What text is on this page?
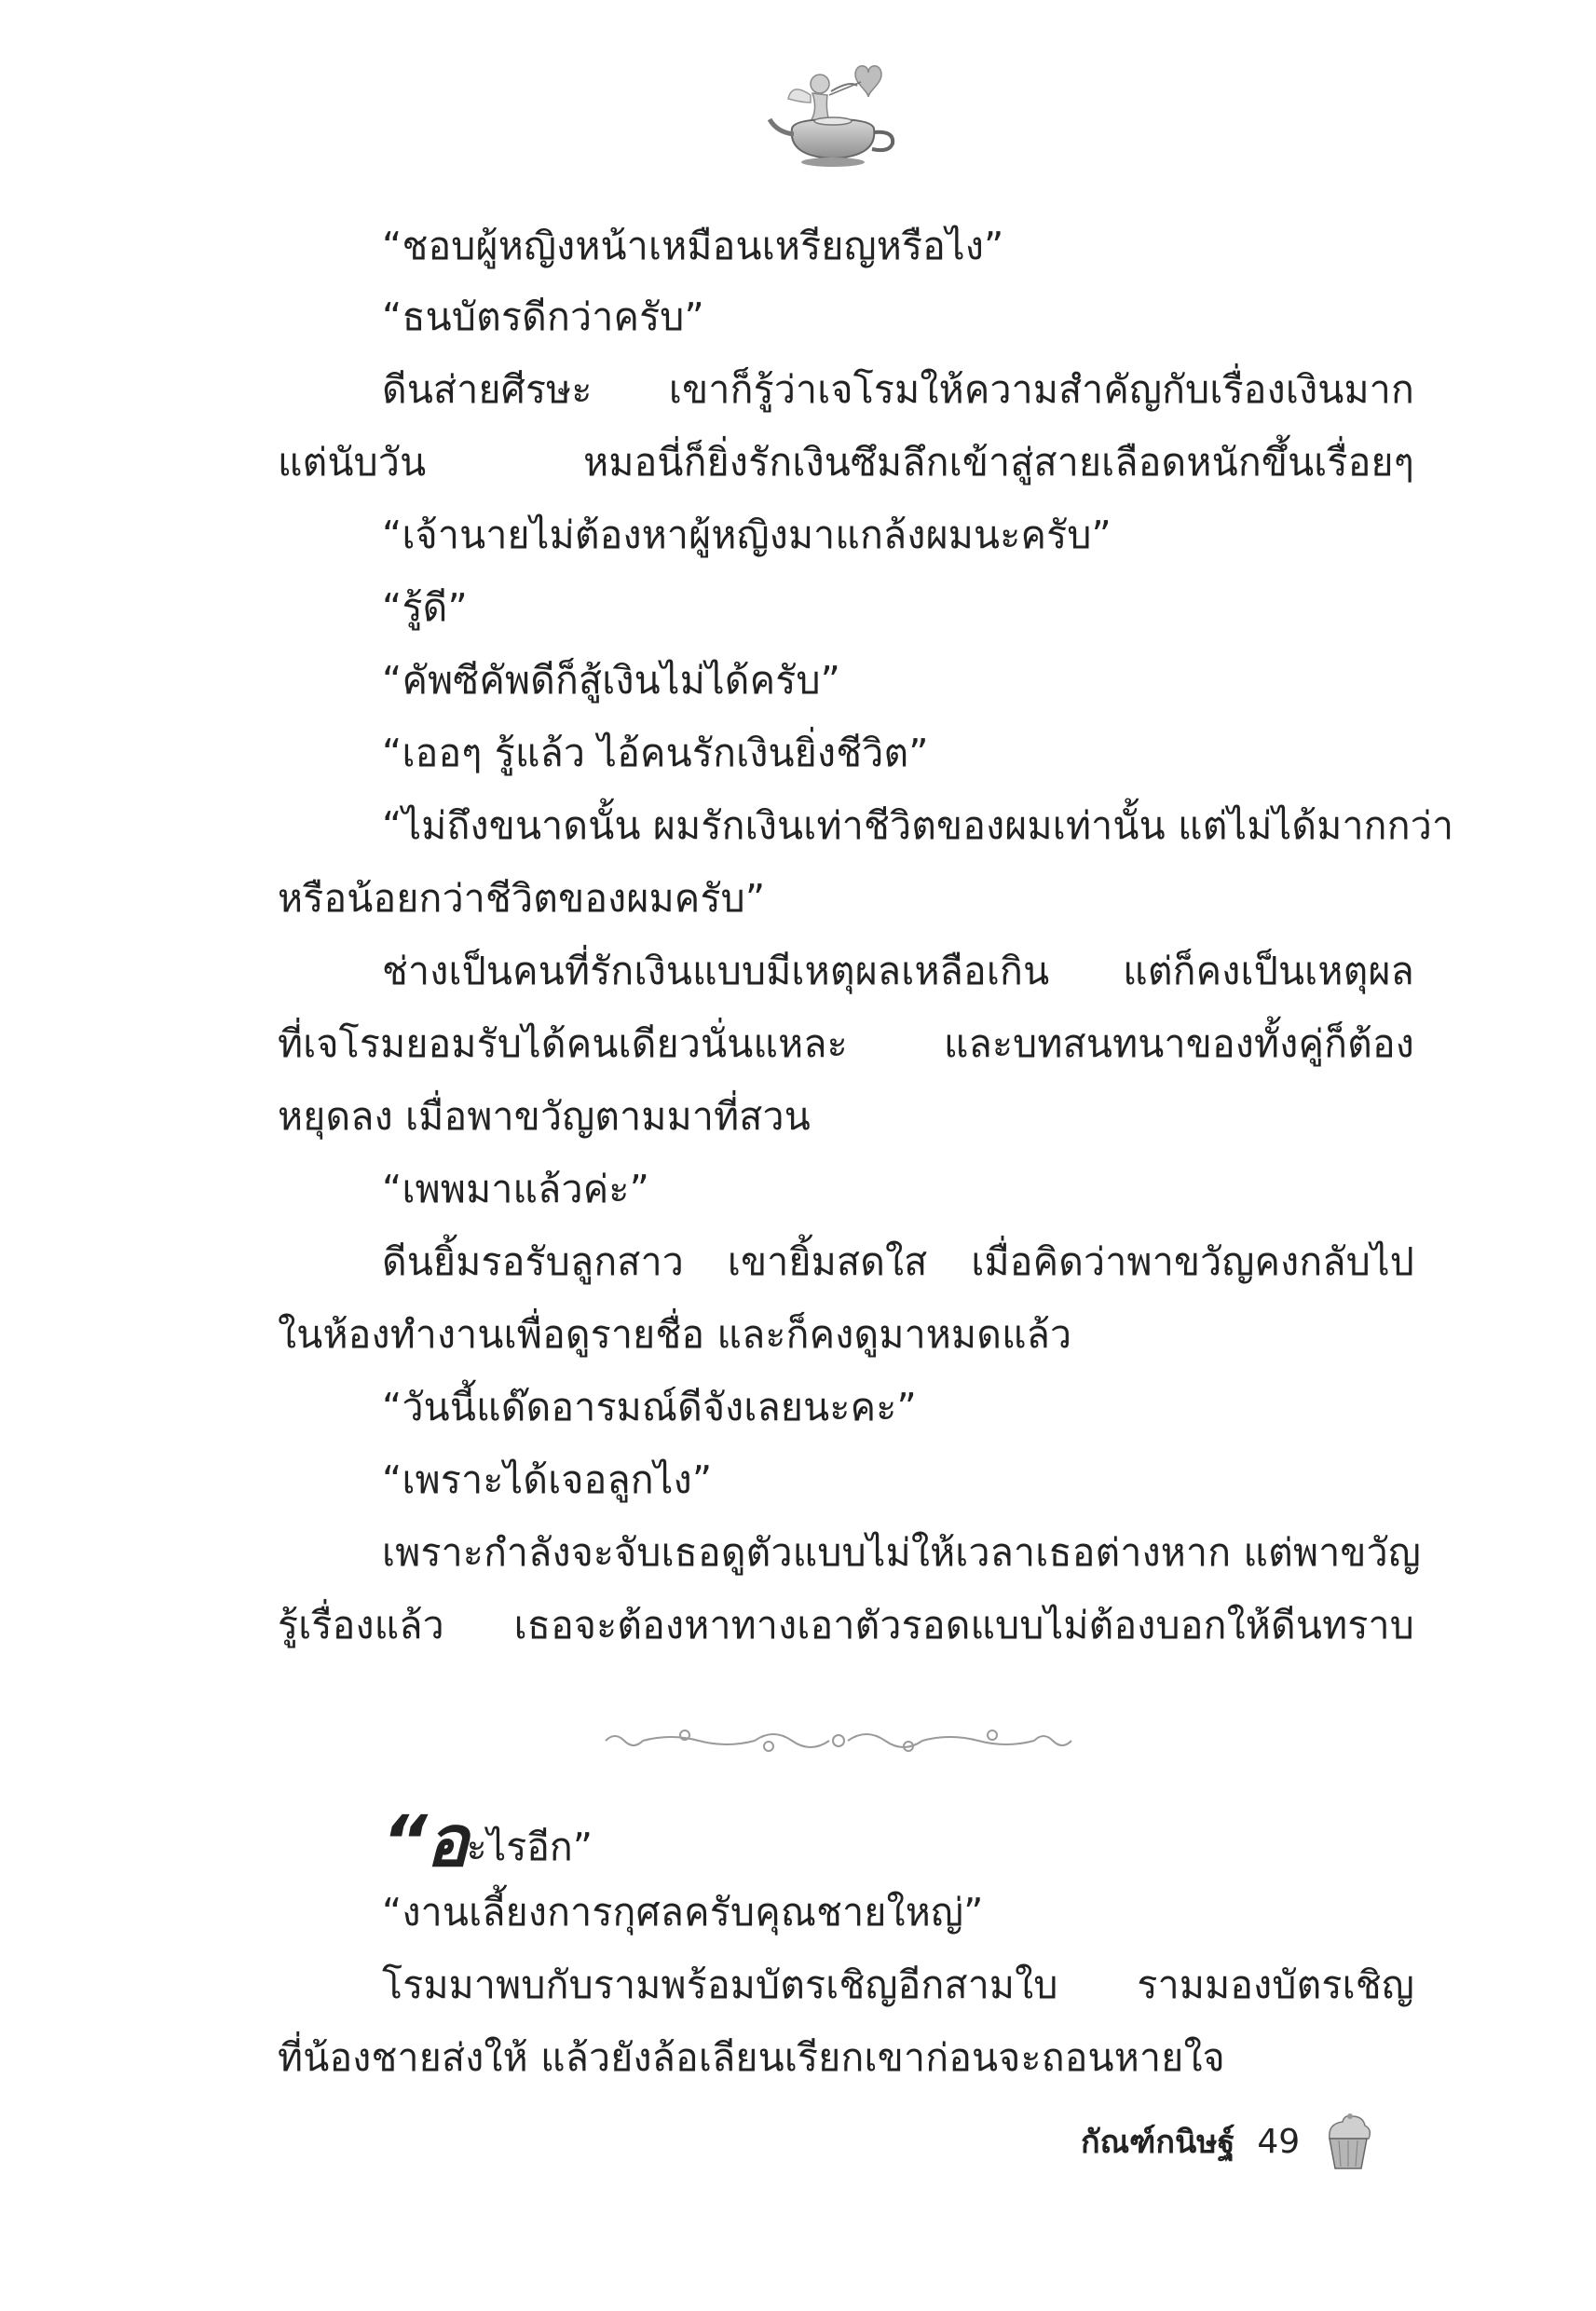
“ชอบผู้หญิงหน้าเหมือนเหรียญหรือไง”
“ธนบัตรดีกว่าครับ”
ดีนส่ายศีรษะ เขาก็รู้ว่าเจโรมให้ความสำคัญกับเรื่องเงินมาก
แต่นับวัน หมอนี่ก็ยิ่งรักเงินซึมลึกเข้าสู่สายเลือดหนักขึ้นเรื่อยๆ
“เจ้านายไม่ต้องหาผู้หญิงมาแกล้งผมนะครับ”
“รู้ดี”
“คัพซีคัพดีก็สู้เงินไม่ได้ครับ”
“เออๆ รู้แล้ว ไอ้คนรักเงินยิ่งชีวิต”
“ไม่ถึงขนาดนั้น ผมรักเงินเท่าชีวิตของผมเท่านั้น แต่ไม่ได้มากกว่า
หรือน้อยกว่าชีวิตของผมครับ”
ช่างเป็นคนที่รักเงินแบบมีเหตุผลเหลือเกิน แต่ก็คงเป็นเหตุผล
ที่เจโรมยอมรับได้คนเดียวนั่นแหละ และบทสนทนาของทั้งคู่ก็ต้อง
หยุดลง เมื่อพาขวัญตามมาที่สวน
“เพพมาแล้วค่ะ”
ดีนยิ้มรอรับลูกสาว เขายิ้มสดใส เมื่อคิดว่าพาขวัญคงกลับไป
ในห้องทำงานเพื่อดูรายชื่อ และก็คงดูมาหมดแล้ว
“วันนี้แด๊ดอารมณ์ดีจังเลยนะคะ”
“เพราะได้เจอลูกไง”
เพราะกำลังจะจับเธอดูตัวแบบไม่ให้เวลาเธอต่างหาก แต่พาขวัญ
รู้เรื่องแล้ว เธอจะต้องหาทางเอาตัวรอดแบบไม่ต้องบอกให้ดีนทราบ
“อะไรอีก”
“งานเลี้ยงการกุศลครับคุณชายใหญ่”
โรมมาพบกับรามพร้อมบัตรเชิญอีกสามใบ รามมองบัตรเชิญ
ที่น้องชายส่งให้ แล้วยังล้อเลียนเรียกเขาก่อนจะถอนหายใจ
กัณฑ์กนิษฐ์ 49
